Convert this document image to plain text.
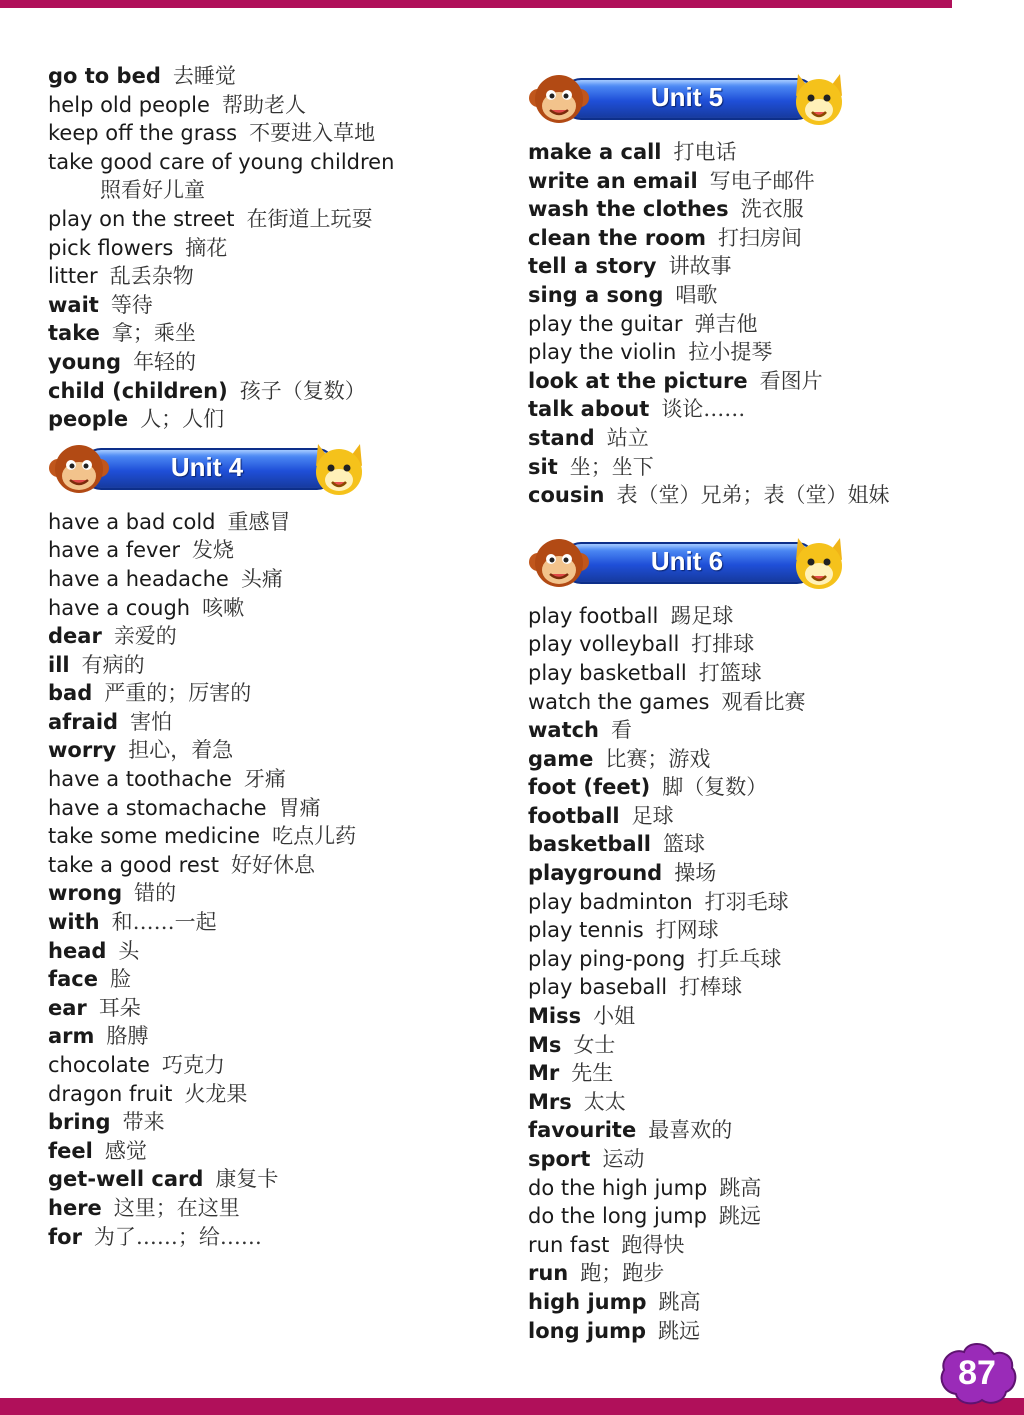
go to bed 去睡觉
help old people 帮助老人
keep off the grass 不要进入草地
take good care of young children
照看好儿童
play on the street 在街道上玩耍
pick flowers 摘花
litter 乱丢杂物
wait 等待
take 拿；乘坐
young 年轻的
child (children) 孩子（复数）
people 人；人们
Unit 4
have a bad cold 重感冒
have a fever 发烧
have a headache 头痛
have a cough 咳嗽
dear 亲爱的
ill 有病的
bad 严重的；厉害的
afraid 害怕
worry 担心，着急
have a toothache 牙痛
have a stomachache 胃痛
take some medicine 吃点儿药
take a good rest 好好休息
wrong 错的
with 和……一起
head 头
face 脸
ear 耳朵
arm 胳膊
chocolate 巧克力
dragon fruit 火龙果
bring 带来
feel 感觉
get-well card 康复卡
here 这里；在这里
for 为了……；给……
Unit 5
make a call 打电话
write an email 写电子邮件
wash the clothes 洗衣服
clean the room 打扫房间
tell a story 讲故事
sing a song 唱歌
play the guitar 弹吉他
play the violin 拉小提琴
look at the picture 看图片
talk about 谈论……
stand 站立
sit 坐；坐下
cousin 表（堂）兄弟；表（堂）姐妹
Unit 6
play football 踢足球
play volleyball 打排球
play basketball 打篮球
watch the games 观看比赛
watch 看
game 比赛；游戏
foot (feet) 脚（复数）
football 足球
basketball 篮球
playground 操场
play badminton 打羽毛球
play tennis 打网球
play ping-pong 打乒乓球
play baseball 打棒球
Miss 小姐
Ms 女士
Mr 先生
Mrs 太太
favourite 最喜欢的
sport 运动
do the high jump 跳高
do the long jump 跳远
run fast 跑得快
run 跑；跑步
high jump 跳高
long jump 跳远
87
